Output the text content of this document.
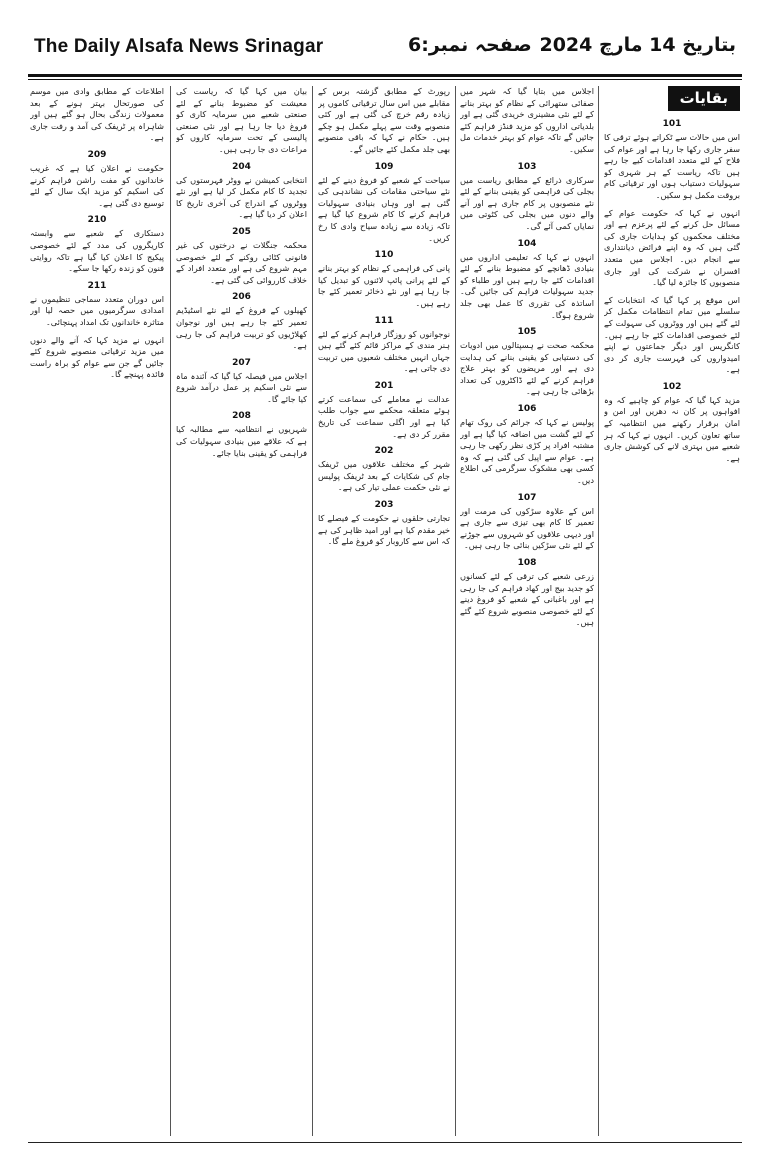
The Daily Alsafa News Srinagar	صفحہ نمبر:6 بتاریخ 14 مارچ 2024
بقایات
101

اس میں حالات سے ٹکراتے ہوئے ترقی کا سفر جاری رکھا جا رہا ہے اور عوام کی فلاح کے لئے متعدد اقدامات کیے جا رہے ہیں تاکہ ریاست کے ہر شہری کو سہولیات دستیاب ہوں اور ترقیاتی کام بروقت مکمل ہو سکیں۔

انہوں نے کہا کہ حکومت عوام کے مسائل حل کرنے کے لئے پرعزم ہے اور مختلف محکموں کو ہدایات جاری کی گئی ہیں کہ وہ اپنے فرائض دیانتداری سے انجام دیں۔ اجلاس میں متعدد افسران نے شرکت کی اور جاری منصوبوں کا جائزہ لیا گیا۔

اس موقع پر کہا گیا کہ انتخابات کے سلسلے میں تمام انتظامات مکمل کر لئے گئے ہیں اور ووٹروں کی سہولت کے لئے خصوصی اقدامات کئے جا رہے ہیں۔ کانگریس اور دیگر جماعتوں نے اپنے امیدواروں کی فہرست جاری کر دی ہے۔

102

مزید کہا گیا کہ عوام کو چاہیے کہ وہ افواہوں پر کان نہ دھریں اور امن و امان برقرار رکھنے میں انتظامیہ کے ساتھ تعاون کریں۔ انہوں نے کہا کہ ہر شعبے میں بہتری لانے کی کوشش جاری ہے۔

اجلاس میں بتایا گیا کہ شہر میں صفائی ستھرائی کے نظام کو بہتر بنانے کے لئے نئی مشینری خریدی گئی ہے اور بلدیاتی اداروں کو مزید فنڈز فراہم کئے جائیں گے تاکہ عوام کو بہتر خدمات مل سکیں۔

103

سرکاری ذرائع کے مطابق ریاست میں بجلی کی فراہمی کو یقینی بنانے کے لئے نئے منصوبوں پر کام جاری ہے اور آنے والے دنوں میں بجلی کی کٹوتی میں نمایاں کمی آئے گی۔

104

انہوں نے کہا کہ تعلیمی اداروں میں بنیادی ڈھانچے کو مضبوط بنانے کے لئے اقدامات کئے جا رہے ہیں اور طلباء کو جدید سہولیات فراہم کی جائیں گی۔ اساتذہ کی تقرری کا عمل بھی جلد شروع ہوگا۔

105

محکمہ صحت نے ہسپتالوں میں ادویات کی دستیابی کو یقینی بنانے کی ہدایت دی ہے اور مریضوں کو بہتر علاج فراہم کرنے کے لئے ڈاکٹروں کی تعداد بڑھائی جا رہی ہے۔

106

پولیس نے کہا کہ جرائم کی روک تھام کے لئے گشت میں اضافہ کیا گیا ہے اور مشتبہ افراد پر کڑی نظر رکھی جا رہی ہے۔ عوام سے اپیل کی گئی ہے کہ وہ کسی بھی مشکوک سرگرمی کی اطلاع دیں۔

107

اس کے علاوہ سڑکوں کی مرمت اور تعمیر کا کام بھی تیزی سے جاری ہے اور دیہی علاقوں کو شہروں سے جوڑنے کے لئے نئی سڑکیں بنائی جا رہی ہیں۔

108

زرعی شعبے کی ترقی کے لئے کسانوں کو جدید بیج اور کھاد فراہم کی جا رہی ہے اور باغبانی کے شعبے کو فروغ دینے کے لئے خصوصی منصوبے شروع کئے گئے ہیں۔

رپورٹ کے مطابق گزشتہ برس کے مقابلے میں اس سال ترقیاتی کاموں پر زیادہ رقم خرچ کی گئی ہے اور کئی منصوبے وقت سے پہلے مکمل ہو چکے ہیں۔ حکام نے کہا کہ باقی منصوبے بھی جلد مکمل کئے جائیں گے۔

109

سیاحت کے شعبے کو فروغ دینے کے لئے نئے سیاحتی مقامات کی نشاندہی کی گئی ہے اور وہاں بنیادی سہولیات فراہم کرنے کا کام شروع کیا گیا ہے تاکہ زیادہ سے زیادہ سیاح وادی کا رخ کریں۔

110

پانی کی فراہمی کے نظام کو بہتر بنانے کے لئے پرانی پائپ لائنوں کو تبدیل کیا جا رہا ہے اور نئے ذخائر تعمیر کئے جا رہے ہیں۔

111

نوجوانوں کو روزگار فراہم کرنے کے لئے ہنر مندی کے مراکز قائم کئے گئے ہیں جہاں انہیں مختلف شعبوں میں تربیت دی جاتی ہے۔

201

عدالت نے معاملے کی سماعت کرتے ہوئے متعلقہ محکمے سے جواب طلب کیا ہے اور اگلی سماعت کی تاریخ مقرر کر دی ہے۔

202

شہر کے مختلف علاقوں میں ٹریفک جام کی شکایات کے بعد ٹریفک پولیس نے نئی حکمت عملی تیار کی ہے۔

203

تجارتی حلقوں نے حکومت کے فیصلے کا خیر مقدم کیا ہے اور امید ظاہر کی ہے کہ اس سے کاروبار کو فروغ ملے گا۔

بیان میں کہا گیا کہ ریاست کی معیشت کو مضبوط بنانے کے لئے صنعتی شعبے میں سرمایہ کاری کو فروغ دیا جا رہا ہے اور نئی صنعتی پالیسی کے تحت سرمایہ کاروں کو مراعات دی جا رہی ہیں۔

204

انتخابی کمیشن نے ووٹر فہرستوں کی تجدید کا کام مکمل کر لیا ہے اور نئے ووٹروں کے اندراج کی آخری تاریخ کا اعلان کر دیا گیا ہے۔

205

محکمہ جنگلات نے درختوں کی غیر قانونی کٹائی روکنے کے لئے خصوصی مہم شروع کی ہے اور متعدد افراد کے خلاف کارروائی کی گئی ہے۔

206

کھیلوں کے فروغ کے لئے نئے اسٹیڈیم تعمیر کئے جا رہے ہیں اور نوجوان کھلاڑیوں کو تربیت فراہم کی جا رہی ہے۔

207

اجلاس میں فیصلہ کیا گیا کہ آئندہ ماہ سے نئی اسکیم پر عمل درآمد شروع کیا جائے گا۔

208

شہریوں نے انتظامیہ سے مطالبہ کیا ہے کہ علاقے میں بنیادی سہولیات کی فراہمی کو یقینی بنایا جائے۔

اطلاعات کے مطابق وادی میں موسم کی صورتحال بہتر ہونے کے بعد معمولات زندگی بحال ہو گئے ہیں اور شاہراہ پر ٹریفک کی آمد و رفت جاری ہے۔

209

حکومت نے اعلان کیا ہے کہ غریب خاندانوں کو مفت راشن فراہم کرنے کی اسکیم کو مزید ایک سال کے لئے توسیع دی گئی ہے۔

210

دستکاری کے شعبے سے وابستہ کاریگروں کی مدد کے لئے خصوصی پیکیج کا اعلان کیا گیا ہے تاکہ روایتی فنون کو زندہ رکھا جا سکے۔

211

اس دوران متعدد سماجی تنظیموں نے امدادی سرگرمیوں میں حصہ لیا اور متاثرہ خاندانوں تک امداد پہنچائی۔

انہوں نے مزید کہا کہ آنے والے دنوں میں مزید ترقیاتی منصوبے شروع کئے جائیں گے جن سے عوام کو براہ راست فائدہ پہنچے گا۔
